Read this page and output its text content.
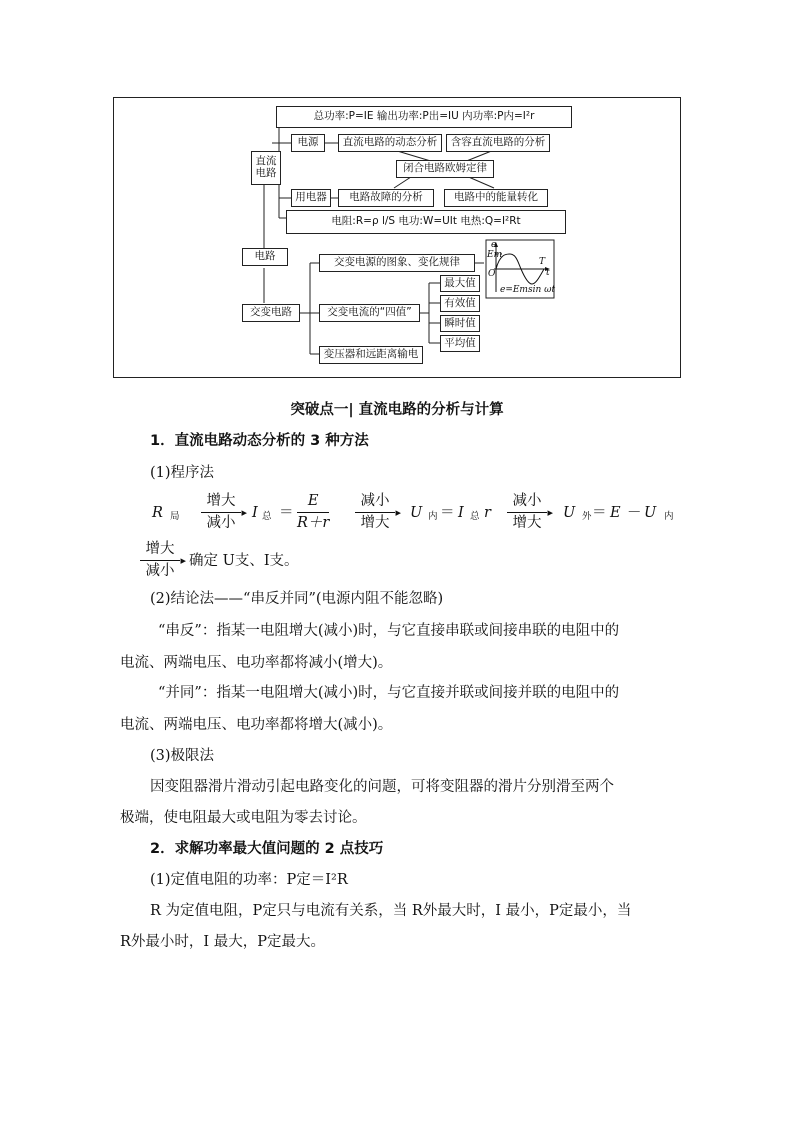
总功率:P=IE 输出功率:P出=IU 内功率:P内=I²r
直流
电路
电源 直流电路的动态分析 含容直流电路的分析
闭合电路欧姆定律
用电器 电路故障的分析	电路中的能量转化
电阻:R=ρ l/S 电功:W=UIt 电热:Q=I²Rt
电路
交变电路
交变电源的图象、变化规律
交变电流的“四值”
变压器和远距离输电
最大值
有效值
瞬时值
平均值
e
Em
O
T
t
e=Emsin ωt
突破点一| 直流电路的分析与计算
1．直流电路动态分析的 3 种方法
(1)程序法
R 局
增大
减小
▸ I 总 ＝ $\frac{E}{R+r}$	减小
增大
▸ U 内 ＝ I 总 r
减小
增大
▸ U 外 ＝ E － U 内
增大
减小
▸ 确定 U支、I支。
(2)结论法——“串反并同”(电源内阻不能忽略)
“串反”：指某一电阻增大(减小)时，与它直接串联或间接串联的电阻中的
电流、两端电压、电功率都将减小(增大)。
“并同”：指某一电阻增大(减小)时，与它直接并联或间接并联的电阻中的
电流、两端电压、电功率都将增大(减小)。
(3)极限法
因变阻器滑片滑动引起电路变化的问题，可将变阻器的滑片分别滑至两个
极端，使电阻最大或电阻为零去讨论。
2．求解功率最大值问题的 2 点技巧
(1)定值电阻的功率：P定＝I²R
R 为定值电阻，P定只与电流有关系，当 R外最大时，I 最小，P定最小，当
R外最小时，I 最大，P定最大。
